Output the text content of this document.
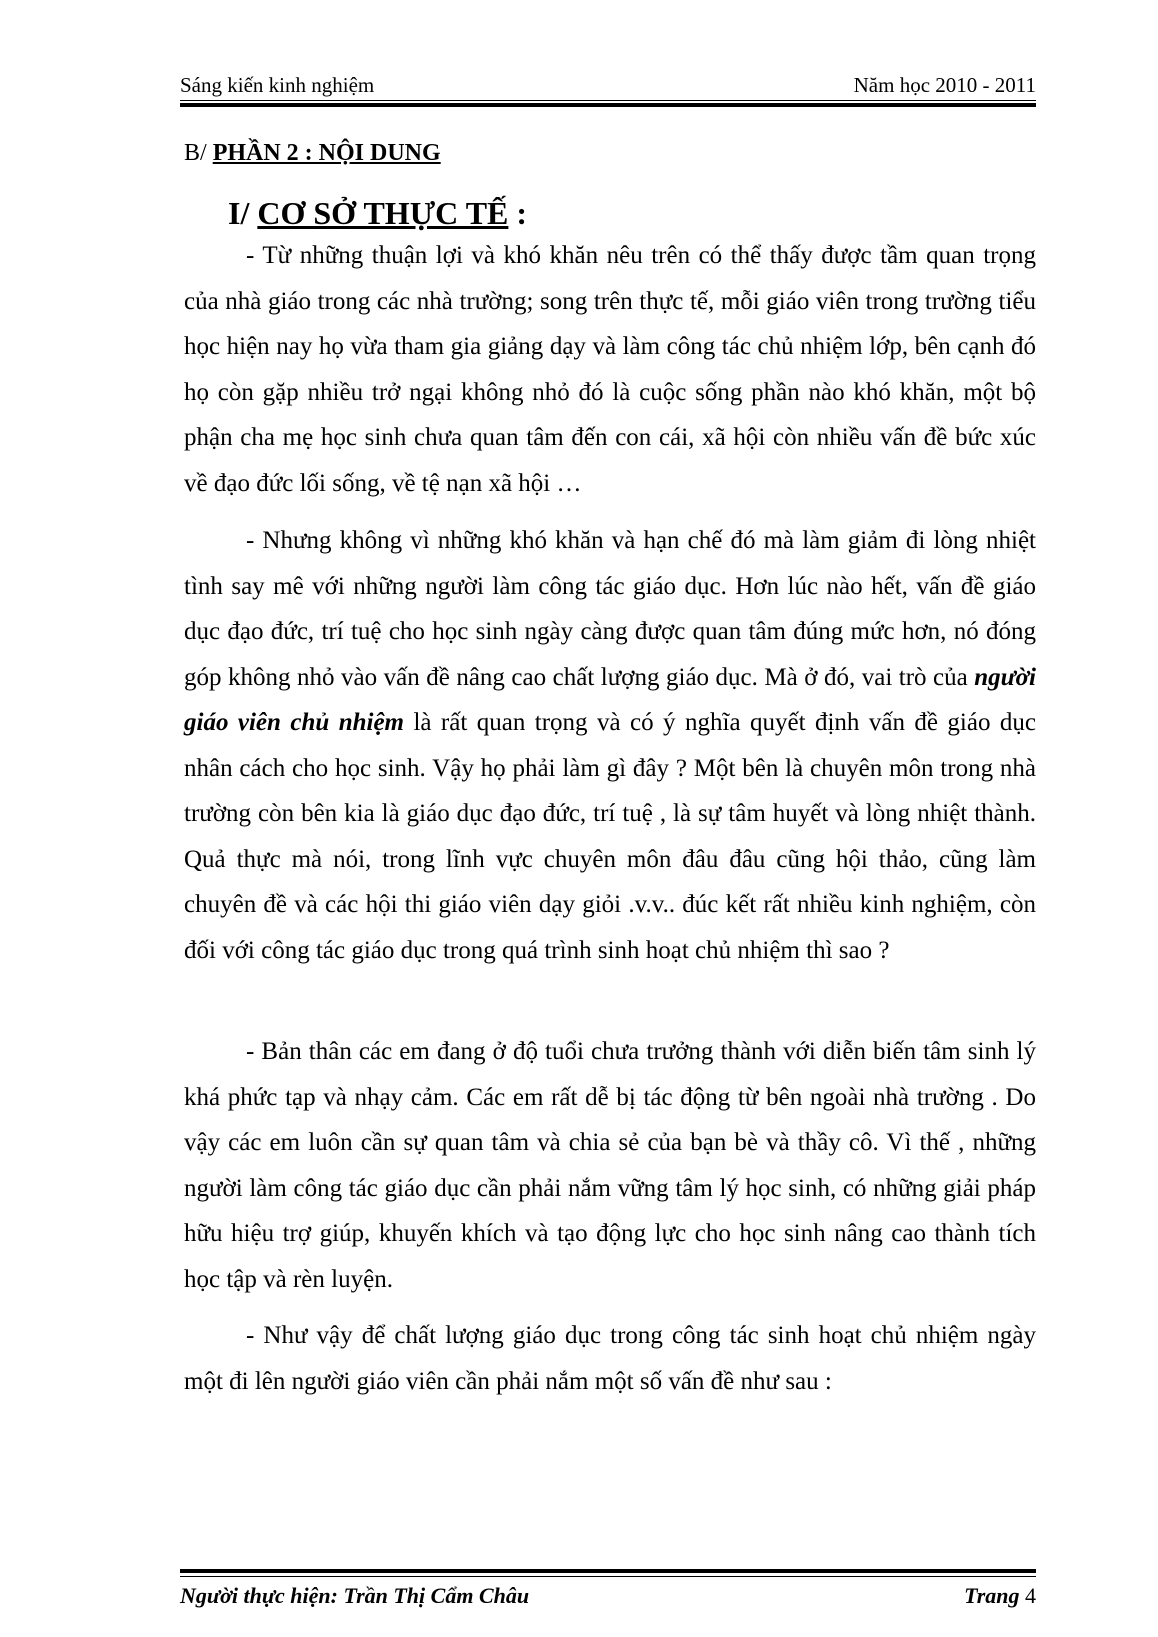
Sáng kiến kinh nghiệm	Năm học 2010 - 2011
B/ PHẦN 2 : NỘI DUNG
I/ CƠ SỞ THỰC TẾ :

- Từ những thuận lợi và khó khăn nêu trên có thể thấy được tầm quan trọng của nhà giáo trong các nhà trường; song trên thực tế, mỗi giáo viên trong trường tiểu học hiện nay họ vừa tham gia giảng dạy và làm công tác chủ nhiệm lớp, bên cạnh đó họ còn gặp nhiều trở ngại không nhỏ đó là cuộc sống phần nào khó khăn, một bộ phận cha mẹ học sinh chưa quan tâm đến con cái, xã hội còn nhiều vấn đề bức xúc về đạo đức lối sống, về tệ nạn xã hội …

- Nhưng không vì những khó khăn và hạn chế đó mà làm giảm đi lòng nhiệt tình say mê với những người làm công tác giáo dục. Hơn lúc nào hết, vấn đề giáo dục đạo đức, trí tuệ cho học sinh ngày càng được quan tâm đúng mức hơn, nó đóng góp không nhỏ vào vấn đề nâng cao chất lượng giáo dục. Mà ở đó, vai trò của người giáo viên chủ nhiệm là rất quan trọng và có ý nghĩa quyết định vấn đề giáo dục nhân cách cho học sinh. Vậy họ phải làm gì đây ? Một bên là chuyên môn trong nhà trường còn bên kia là giáo dục đạo đức, trí tuệ , là sự tâm huyết và lòng nhiệt thành. Quả thực mà nói, trong lĩnh vực chuyên môn đâu đâu cũng hội thảo, cũng làm chuyên đề và các hội thi giáo viên dạy giỏi .v.v.. đúc kết rất nhiều kinh nghiệm, còn đối với công tác giáo dục trong quá trình sinh hoạt chủ nhiệm thì sao ?

- Bản thân các em đang ở độ tuổi chưa trưởng thành với diễn biến tâm sinh lý khá phức tạp và nhạy cảm. Các em rất dễ bị tác động từ bên ngoài nhà trường . Do vậy các em luôn cần sự quan tâm và chia sẻ của bạn bè và thầy cô. Vì thế , những người làm công tác giáo dục cần phải nắm vững tâm lý học sinh, có những giải pháp hữu hiệu trợ giúp, khuyến khích và tạo động lực cho học sinh nâng cao thành tích học tập và rèn luyện.

- Như vậy để chất lượng giáo dục trong công tác sinh hoạt chủ nhiệm ngày một đi lên người giáo viên cần phải nắm một số vấn đề như sau :

Người thực hiện: Trần Thị Cẩm Châu	Trang 4
